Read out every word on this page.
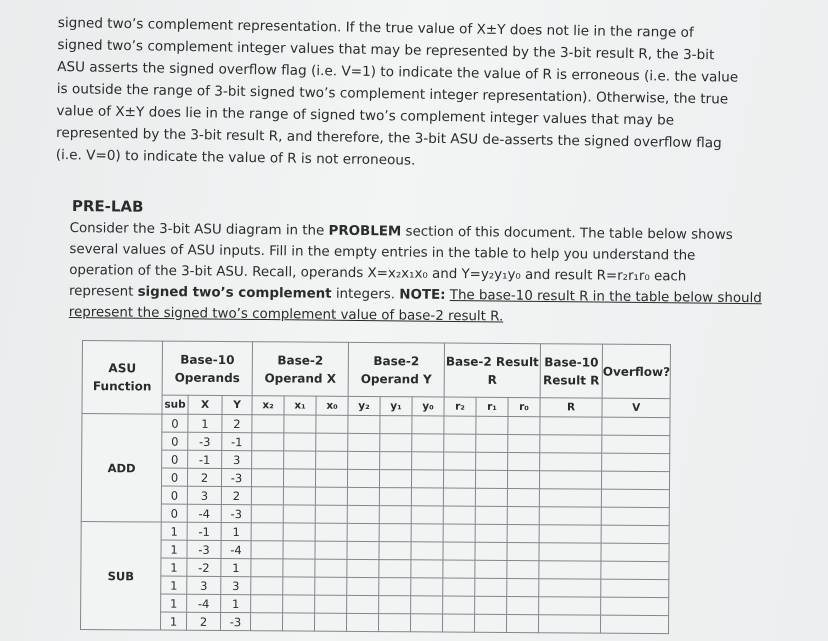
signed two’s complement representation. If the true value of X±Y does not lie in the range of
signed two’s complement integer values that may be represented by the 3-bit result R, the 3-bit
ASU asserts the signed overflow flag (i.e. V=1) to indicate the value of R is erroneous (i.e. the value
is outside the range of 3-bit signed two’s complement integer representation). Otherwise, the true
value of X±Y does lie in the range of signed two’s complement integer values that may be
represented by the 3-bit result R, and therefore, the 3-bit ASU de-asserts the signed overflow flag
(i.e. V=0) to indicate the value of R is not erroneous.
PRE-LAB
Consider the 3-bit ASU diagram in the PROBLEM section of this document. The table below shows
several values of ASU inputs. Fill in the empty entries in the table to help you understand the
operation of the 3-bit ASU. Recall, operands X=x₂x₁x₀ and Y=y₂y₁y₀ and result R=r₂r₁r₀ each
represent signed two’s complement integers. NOTE: The base-10 result R in the table below should
represent the signed two’s complement value of base-2 result R.
ASU Function	Base-10 Operands			Base-2 Operand X			Base-2 Operand Y			Base-2 Result R			Base-10 Result R	Overflow?
	sub	X	Y	x₂	x₁	x₀	y₂	y₁	y₀	r₂	r₁	r₀	R	V
ADD	0	1	2											
	0	-3	-1											
	0	-1	3											
	0	2	-3											
	0	3	2											
	0	-4	-3											
SUB	1	-1	1											
	1	-3	-4											
	1	-2	1											
	1	3	3											
	1	-4	1											
	1	2	-3											
